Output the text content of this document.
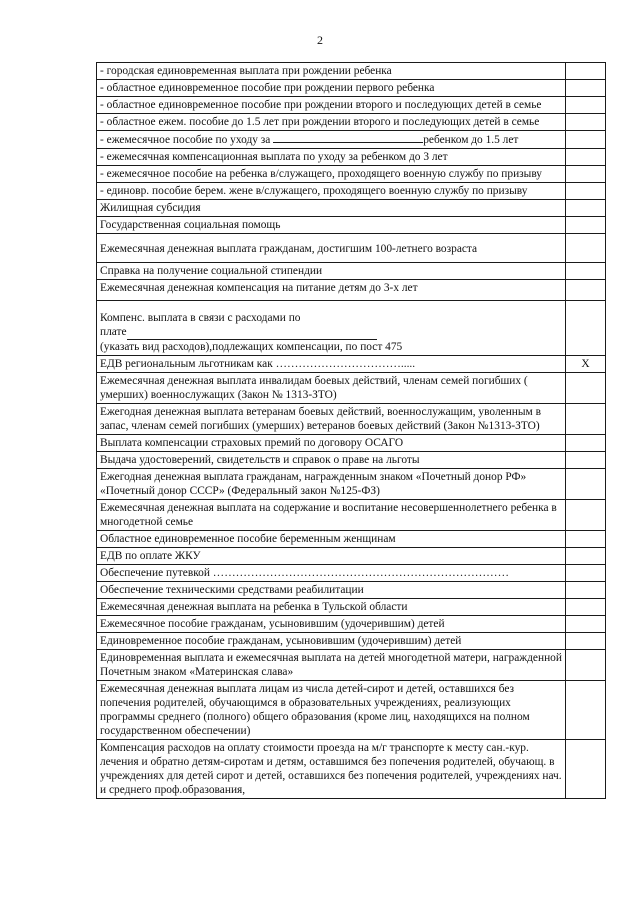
2
- городская единовременная выплата при рождении ребенка	
- областное единовременное пособие при рождении первого ребенка	
- областное единовременное пособие при рождении второго и последующих детей в семье	
- областное ежем. пособие до 1.5 лет при рождении второго и последующих детей в семье	
- ежемесячное пособие по уходу за ребенком до 1.5 лет	
- ежемесячная компенсационная выплата по уходу за ребенком до 3 лет	
- ежемесячное пособие на ребенка в/служащего, проходящего военную службу по призыву	
- единовр. пособие берем. жене в/служащего, проходящего военную службу по призыву	
Жилищная субсидия	
Государственная социальная помощь	
Ежемесячная денежная выплата гражданам, достигшим 100-летнего возраста	
Справка на получение социальной стипендии	
Ежемесячная денежная компенсация на питание детям до 3-х лет	

Компенс. выплата в связи с расходами по
плате
(указать вид расходов),подлежащих компенсации, по пост 475	

ЕДВ региональным льготникам как …………………………….....	X
Ежемесячная денежная выплата инвалидам боевых действий, членам семей погибших ( умерших) военнослужащих (Закон № 1313-ЗТО)	
Ежегодная денежная выплата ветеранам боевых действий, военнослужащим, уволенным в запас, членам семей погибших (умерших) ветеранов боевых действий (Закон №1313-ЗТО)	
Выплата компенсации страховых премий по договору ОСАГО	
Выдача удостоверений, свидетельств и справок о праве на льготы	
Ежегодная денежная выплата гражданам, награжденным знаком «Почетный донор РФ» «Почетный донор СССР» (Федеральный закон №125-ФЗ)	
Ежемесячная денежная выплата на содержание и воспитание несовершеннолетнего ребенка в многодетной семье	
Областное единовременное пособие беременным женщинам	
ЕДВ по оплате ЖКУ	
Обеспечение путевкой ……………………………………………………………………	
Обеспечение техническими средствами реабилитации	
Ежемесячная денежная выплата на ребенка в Тульской области	
Ежемесячное пособие гражданам, усыновившим (удочерившим) детей	
Единовременное пособие гражданам, усыновившим (удочерившим) детей	
Единовременная выплата и ежемесячная выплата на детей многодетной матери, награжденной Почетным знаком «Материнская слава»	
Ежемесячная денежная выплата лицам из числа детей-сирот и детей, оставшихся без попечения родителей, обучающимся в образовательных учреждениях, реализующих программы среднего (полного) общего образования (кроме лиц, находящихся на полном государственном обеспечении)	
Компенсация расходов на оплату стоимости проезда на м/г транспорте к месту сан.-кур. лечения и обратно детям-сиротам и детям, оставшимся без попечения родителей, обучающ. в учреждениях для детей сирот и детей, оставшихся без попечения родителей, учреждениях нач. и среднего проф.образования,	
